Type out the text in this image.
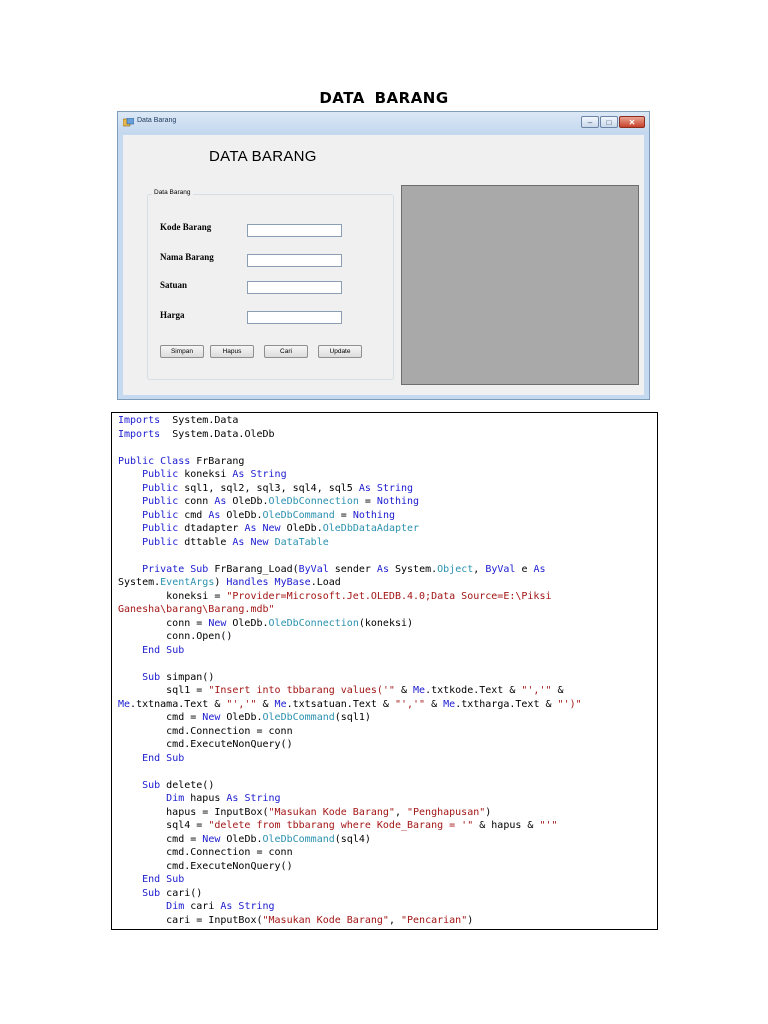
DATA BARANG
Data Barang	–	□	✕
DATA BARANG
Data Barang
Kode Barang
Nama Barang
Satuan
Harga
Simpan	Hapus	Cari	Update
Imports  System.Data
Imports  System.Data.OleDb

Public Class FrBarang
Public koneksi As String
Public sql1, sql2, sql3, sql4, sql5 As String
Public conn As OleDb.OleDbConnection = Nothing
Public cmd As OleDb.OleDbCommand = Nothing
Public dtadapter As New OleDb.OleDbDataAdapter
Public dttable As New DataTable

Private Sub FrBarang_Load(ByVal sender As System.Object, ByVal e As
System.EventArgs) Handles MyBase.Load
koneksi = "Provider=Microsoft.Jet.OLEDB.4.0;Data Source=E:\Piksi
Ganesha\barang\Barang.mdb"
conn = New OleDb.OleDbConnection(koneksi)
conn.Open()
End Sub

Sub simpan()
sql1 = "Insert into tbbarang values('" & Me.txtkode.Text & "','" &
Me.txtnama.Text & "','" & Me.txtsatuan.Text & "','" & Me.txtharga.Text & "')"
cmd = New OleDb.OleDbCommand(sql1)
cmd.Connection = conn
cmd.ExecuteNonQuery()
End Sub

Sub delete()
Dim hapus As String
hapus = InputBox("Masukan Kode Barang", "Penghapusan")
sql4 = "delete from tbbarang where Kode_Barang = '" & hapus & "'"
cmd = New OleDb.OleDbCommand(sql4)
cmd.Connection = conn
cmd.ExecuteNonQuery()
End Sub
Sub cari()
Dim cari As String
cari = InputBox("Masukan Kode Barang", "Pencarian")
